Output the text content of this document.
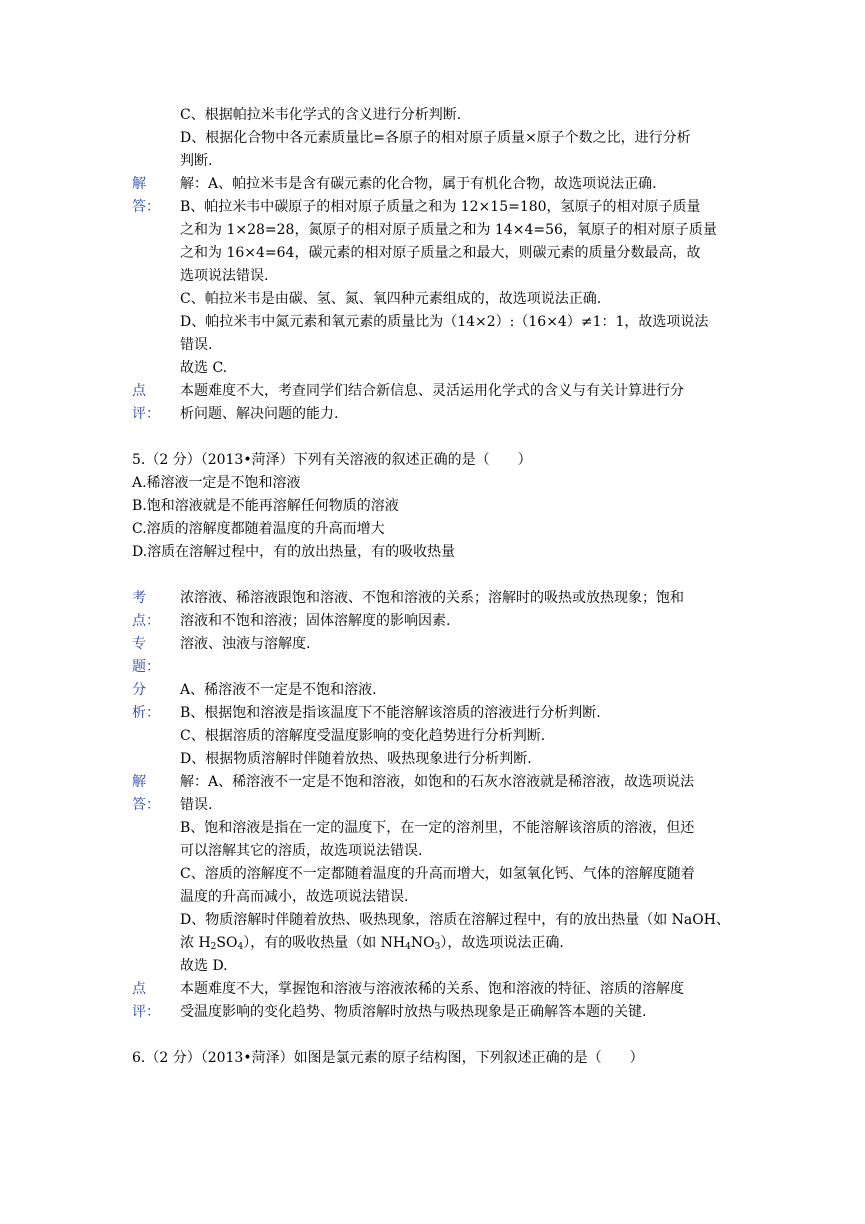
C、根据帕拉米韦化学式的含义进行分析判断.
D、根据化合物中各元素质量比=各原子的相对原子质量×原子个数之比，进行分析
判断.
解
答：
解：A、帕拉米韦是含有碳元素的化合物，属于有机化合物，故选项说法正确.
B、帕拉米韦中碳原子的相对原子质量之和为 12×15=180，氢原子的相对原子质量
之和为 1×28=28，氮原子的相对原子质量之和为 14×4=56，氧原子的相对原子质量
之和为 16×4=64，碳元素的相对原子质量之和最大，则碳元素的质量分数最高，故
选项说法错误.
C、帕拉米韦是由碳、氢、氮、氧四种元素组成的，故选项说法正确.
D、帕拉米韦中氮元素和氧元素的质量比为（14×2）:（16×4）≠1：1，故选项说法
错误.
故选 C.
点
评：
本题难度不大，考查同学们结合新信息、灵活运用化学式的含义与有关计算进行分
析问题、解决问题的能力.
5.（2 分）（2013•菏泽）下列有关溶液的叙述正确的是（　　）
A.稀溶液一定是不饱和溶液
B.饱和溶液就是不能再溶解任何物质的溶液
C.溶质的溶解度都随着温度的升高而增大
D.溶质在溶解过程中，有的放出热量，有的吸收热量
考
点：
浓溶液、稀溶液跟饱和溶液、不饱和溶液的关系；溶解时的吸热或放热现象；饱和
溶液和不饱和溶液；固体溶解度的影响因素.
专
题：
溶液、浊液与溶解度.
分
析：
A、稀溶液不一定是不饱和溶液.
B、根据饱和溶液是指该温度下不能溶解该溶质的溶液进行分析判断.
C、根据溶质的溶解度受温度影响的变化趋势进行分析判断.
D、根据物质溶解时伴随着放热、吸热现象进行分析判断.
解
答：
解：A、稀溶液不一定是不饱和溶液，如饱和的石灰水溶液就是稀溶液，故选项说法
错误.
B、饱和溶液是指在一定的温度下，在一定的溶剂里，不能溶解该溶质的溶液，但还
可以溶解其它的溶质，故选项说法错误.
C、溶质的溶解度不一定都随着温度的升高而增大，如氢氧化钙、气体的溶解度随着
温度的升高而减小，故选项说法错误.
D、物质溶解时伴随着放热、吸热现象，溶质在溶解过程中，有的放出热量（如 NaOH、
浓 $H_2SO_4$），有的吸收热量（如 $NH_4NO_3$），故选项说法正确.
故选 D.
点
评：
本题难度不大，掌握饱和溶液与溶液浓稀的关系、饱和溶液的特征、溶质的溶解度
受温度影响的变化趋势、物质溶解时放热与吸热现象是正确解答本题的关键.
6.（2 分）（2013•菏泽）如图是氯元素的原子结构图，下列叙述正确的是（　　）
